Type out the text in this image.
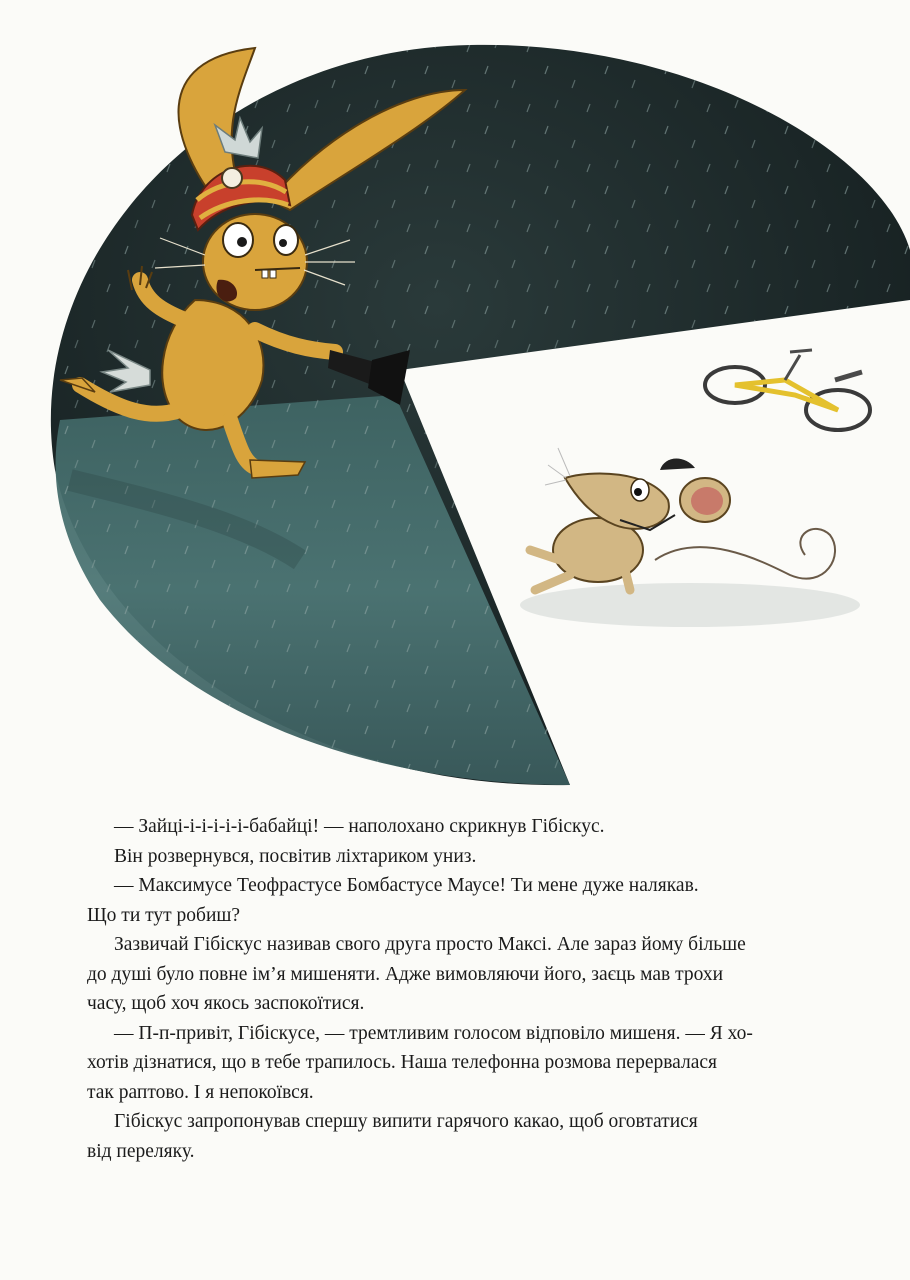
— Зайці-і-і-і-і-і-бабайці! — наполохано скрикнув Гібіскус.

Він розвернувся, посвітив ліхтариком униз.

— Максимусе Теофрастусе Бомбастусе Маусе! Ти мене дуже налякав.

Що ти тут робиш?

Зазвичай Гібіскус називав свого друга просто Максі. Але зараз йому більше

до душі було повне ім’я мишеняти. Адже вимовляючи його, заєць мав трохи

часу, щоб хоч якось заспокоїтися.

— П-п-привіт, Гібіскусе, — тремтливим голосом відповіло мишеня. — Я хо-

хотів дізнатися, що в тебе трапилось. Наша телефонна розмова перервалася

так раптово. І я непокоївся.

Гібіскус запропонував спершу випити гарячого какао, щоб оговтатися

від переляку.
